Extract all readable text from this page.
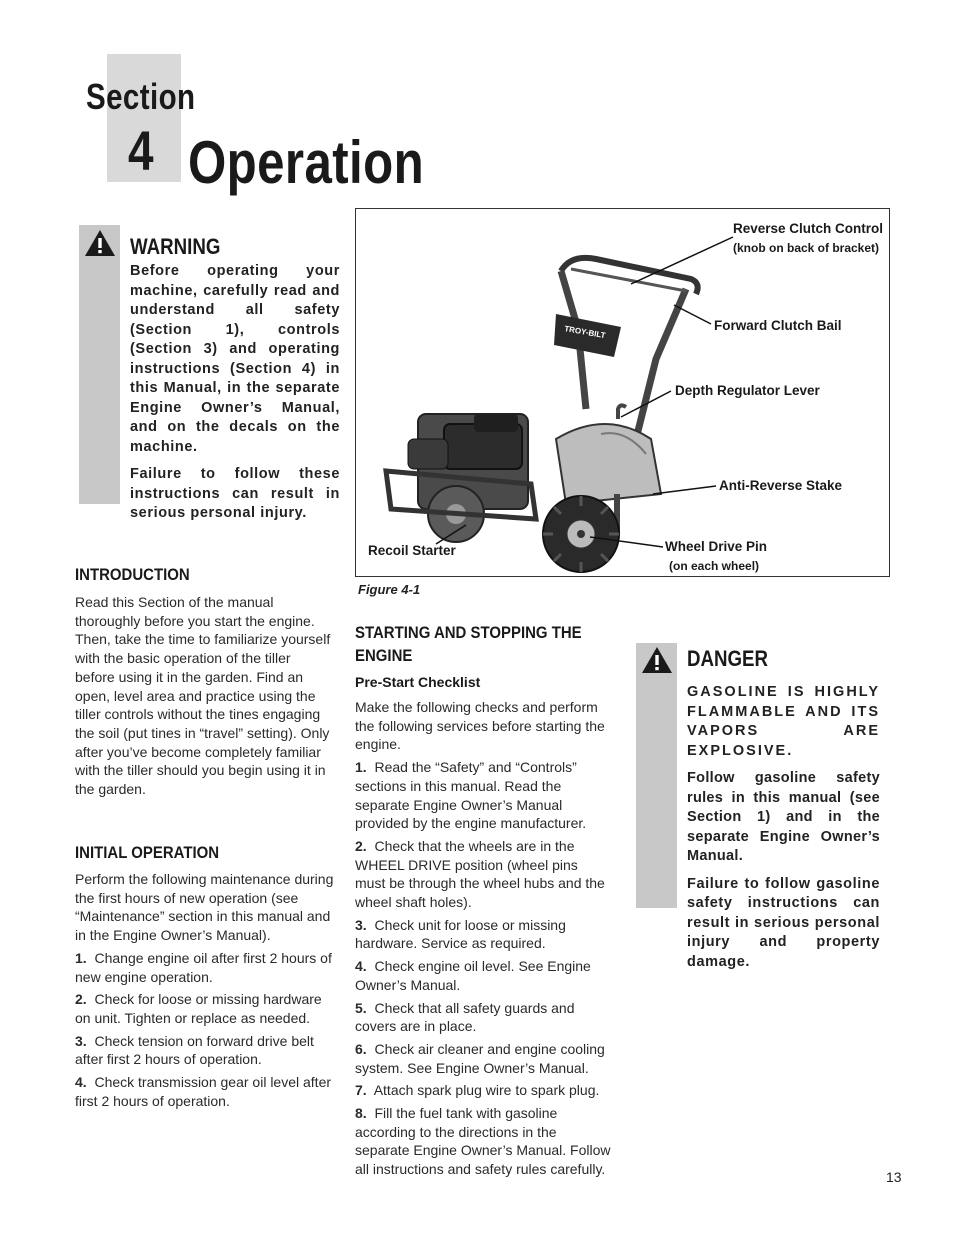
Section
4 Operation
WARNING

Before operating your machine, carefully read and understand all safety (Section 1), controls (Section 3) and operating instructions (Section 4) in this Manual, in the separate Engine Owner’s Manual, and on the decals on the machine.

Failure to follow these instructions can result in serious personal injury.

INTRODUCTION
Read this Section of the manual thoroughly before you start the engine. Then, take the time to familiarize yourself with the basic operation of the tiller before using it in the garden. Find an open, level area and practice using the tiller controls without the tines engaging the soil (put tines in “travel” setting). Only after you’ve become completely familiar with the tiller should you begin using it in the garden.
INITIAL OPERATION

Perform the following maintenance during the first hours of new operation (see “Maintenance” section in this manual and in the Engine Owner’s Manual).

1. Change engine oil after first 2 hours of new engine operation.

2. Check for loose or missing hardware on unit. Tighten or replace as needed.

3. Check tension on forward drive belt after first 2 hours of operation.

4. Check transmission gear oil level after first 2 hours of operation.

TROY-BILT
Reverse Clutch Control
(knob on back of bracket)
Forward Clutch Bail
Depth Regulator Lever
Anti-Reverse Stake
Wheel Drive Pin
(on each wheel)
Recoil Starter
Figure 4-1
STARTING AND STOPPING THE
ENGINE
Pre-Start Checklist

Make the following checks and perform the following services before starting the engine.

1. Read the “Safety” and “Controls” sections in this manual. Read the separate Engine Owner’s Manual provided by the engine manufacturer.

2. Check that the wheels are in the WHEEL DRIVE position (wheel pins must be through the wheel hubs and the wheel shaft holes).

3. Check unit for loose or missing hardware. Service as required.

4. Check engine oil level. See Engine Owner’s Manual.

5. Check that all safety guards and covers are in place.

6. Check air cleaner and engine cooling system. See Engine Owner’s Manual.

7. Attach spark plug wire to spark plug.

8. Fill the fuel tank with gasoline according to the directions in the separate Engine Owner’s Manual. Follow all instructions and safety rules carefully.

DANGER

GASOLINE IS HIGHLY FLAMMABLE AND ITS VAPORS ARE EXPLOSIVE.

Follow gasoline safety rules in this manual (see Section 1) and in the separate Engine Owner’s Manual.

Failure to follow gasoline safety instructions can result in serious personal injury and property damage.

13
